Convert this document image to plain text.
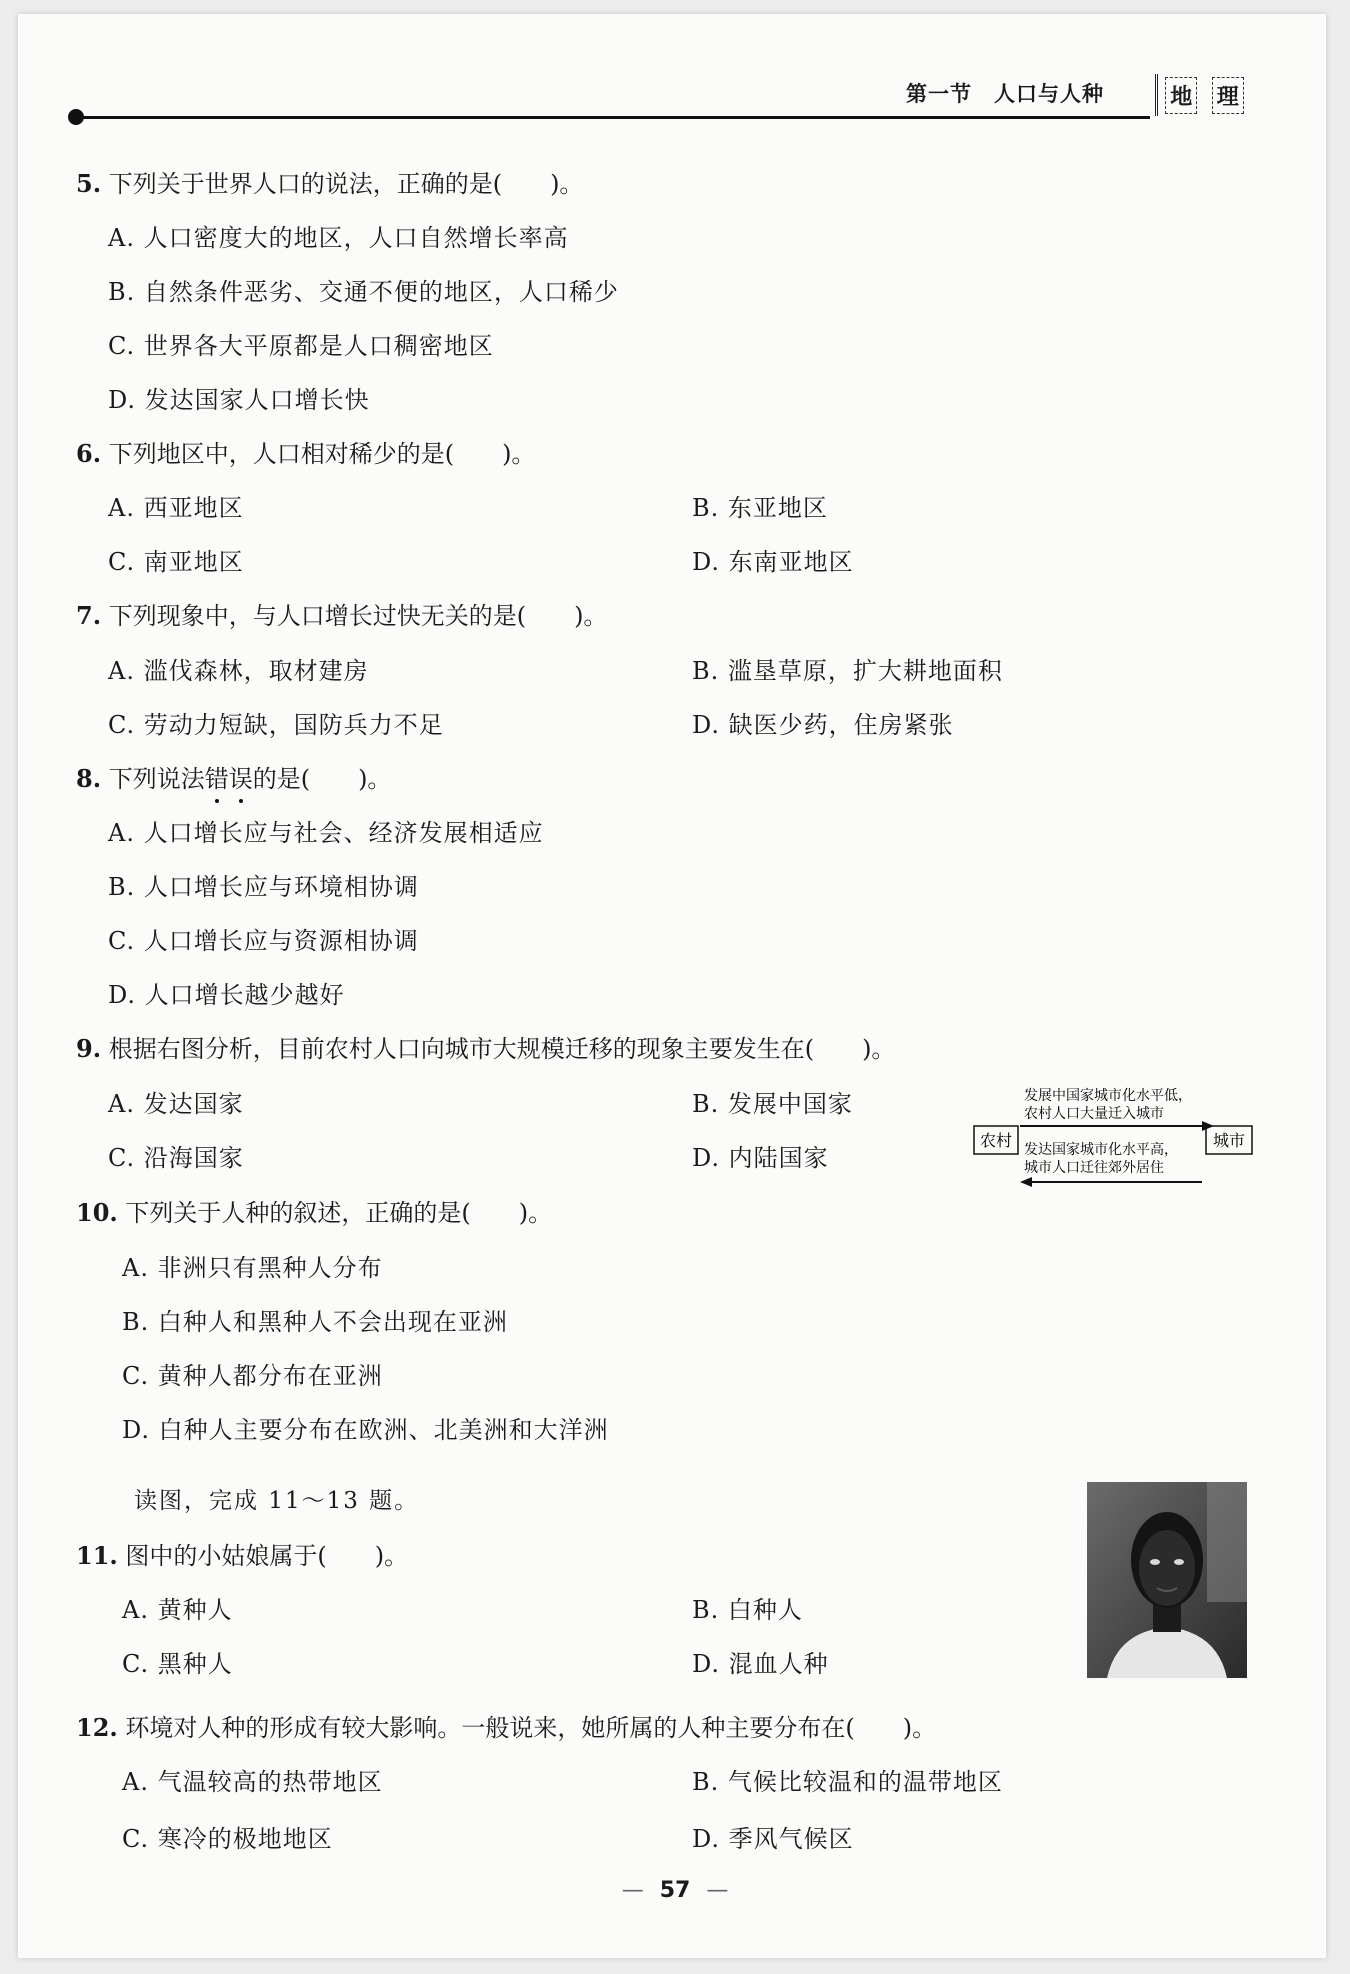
第一节 人口与人种	地 理
5. 下列关于世界人口的说法，正确的是(　　)。
A. 人口密度大的地区，人口自然增长率高
B. 自然条件恶劣、交通不便的地区，人口稀少
C. 世界各大平原都是人口稠密地区
D. 发达国家人口增长快
6. 下列地区中，人口相对稀少的是(　　)。
A. 西亚地区	B. 东亚地区
C. 南亚地区	D. 东南亚地区
7. 下列现象中，与人口增长过快无关的是(　　)。
A. 滥伐森林，取材建房	B. 滥垦草原，扩大耕地面积
C. 劳动力短缺，国防兵力不足	D. 缺医少药，住房紧张
8. 下列说法错误的是(　　)。
A. 人口增长应与社会、经济发展相适应
B. 人口增长应与环境相协调
C. 人口增长应与资源相协调
D. 人口增长越少越好
9. 根据右图分析，目前农村人口向城市大规模迁移的现象主要发生在(　　)。
A. 发达国家	B. 发展中国家
C. 沿海国家	D. 内陆国家
发展中国家城市化水平低，
农村人口大量迁入城市
农村	城市
发达国家城市化水平高，
城市人口迁往郊外居住
10. 下列关于人种的叙述，正确的是(　　)。
A. 非洲只有黑种人分布
B. 白种人和黑种人不会出现在亚洲
C. 黄种人都分布在亚洲
D. 白种人主要分布在欧洲、北美洲和大洋洲
读图，完成 11～13 题。
11. 图中的小姑娘属于(　　)。
A. 黄种人	B. 白种人
C. 黑种人	D. 混血人种
12. 环境对人种的形成有较大影响。一般说来，她所属的人种主要分布在(　　)。
A. 气温较高的热带地区	B. 气候比较温和的温带地区
C. 寒冷的极地地区	D. 季风气候区
— 57 —
